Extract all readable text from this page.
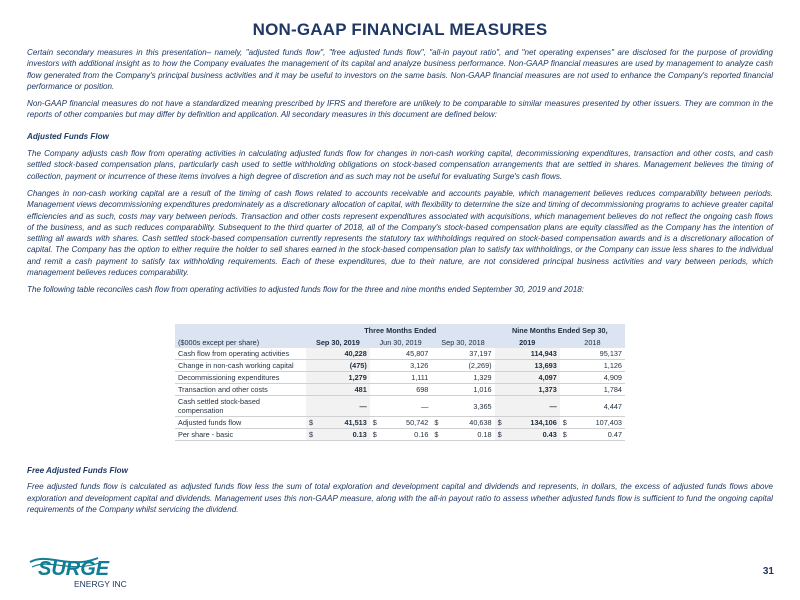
NON-GAAP FINANCIAL MEASURES

Certain secondary measures in this presentation– namely, "adjusted funds flow", "free adjusted funds flow", "all-in payout ratio", and "net operating expenses" are disclosed for the purpose of providing investors with additional insight as to how the Company evaluates the management of its capital and analyze business performance. Non-GAAP financial measures are used by management to analyze cash flow generated from the Company's principal business activities and it may be useful to investors on the same basis. Non-GAAP financial measures are not used to enhance the Company's reported financial performance or position.

Non-GAAP financial measures do not have a standardized meaning prescribed by IFRS and therefore are unlikely to be comparable to similar measures presented by other issuers. They are common in the reports of other companies but may differ by definition and application. All secondary measures in this document are defined below:

Adjusted Funds Flow

The Company adjusts cash flow from operating activities in calculating adjusted funds flow for changes in non-cash working capital, decommissioning expenditures, transaction and other costs, and cash settled stock-based compensation plans, particularly cash used to settle withholding obligations on stock-based compensation arrangements that are settled in shares. Management believes the timing of collection, payment or incurrence of these items involves a high degree of discretion and as such may not be useful for evaluating Surge's cash flows.

Changes in non-cash working capital are a result of the timing of cash flows related to accounts receivable and accounts payable, which management believes reduces comparability between periods. Management views decommissioning expenditures predominately as a discretionary allocation of capital, with flexibility to determine the size and timing of decommissioning programs to achieve greater capital efficiencies and as such, costs may vary between periods. Transaction and other costs represent expenditures associated with acquisitions, which management believes do not reflect the ongoing cash flows of the business, and as such reduces comparability. Subsequent to the third quarter of 2018, all of the Company's stock-based compensation plans are equity classified as the Company has the intention of settling all awards with shares. Cash settled stock-based compensation currently represents the statutory tax withholdings required on stock-based compensation awards and is a discretionary allocation of capital. The Company has the option to either require the holder to sell shares earned in the stock-based compensation plan to satisfy tax withholdings, or the Company can issue less shares to the individual and remit a cash payment to satisfy tax withholding requirements. Each of these expenditures, due to their nature, are not considered principal business activities and vary between periods, which management believes reduces comparability.

The following table reconciles cash flow from operating activities to adjusted funds flow for the three and nine months ended September 30, 2019 and 2018:

	Three Months Ended						Nine Months Ended Sep 30,			
($000s except per share)	Sep 30, 2019		Jun 30, 2019		Sep 30, 2018		2019		2018	
Cash flow from operating activities		40,228		45,807		37,197		114,943		95,137
Change in non-cash working capital		(475)		3,126		(2,269)		13,693		1,126
Decommissioning expenditures		1,279		1,111		1,329		4,097		4,909
Transaction and other costs		481		698		1,016		1,373		1,784
Cash settled stock-based compensation		—		—		3,365		—		4,447
Adjusted funds flow	$	41,513	$	50,742	$	40,638	$	134,106	$	107,403
Per share - basic	$	0.13	$	0.16	$	0.18	$	0.43	$	0.47

Free Adjusted Funds Flow

Free adjusted funds flow is calculated as adjusted funds flow less the sum of total exploration and development capital and dividends and represents, in dollars, the excess of adjusted funds flows above exploration and development capital and dividends. Management uses this non-GAAP measure, along with the all-in payout ratio to assess whether adjusted funds flow is sufficient to fund the ongoing capital requirements of the Company whilst servicing the dividend.

SURGE
ENERGY INC
31
